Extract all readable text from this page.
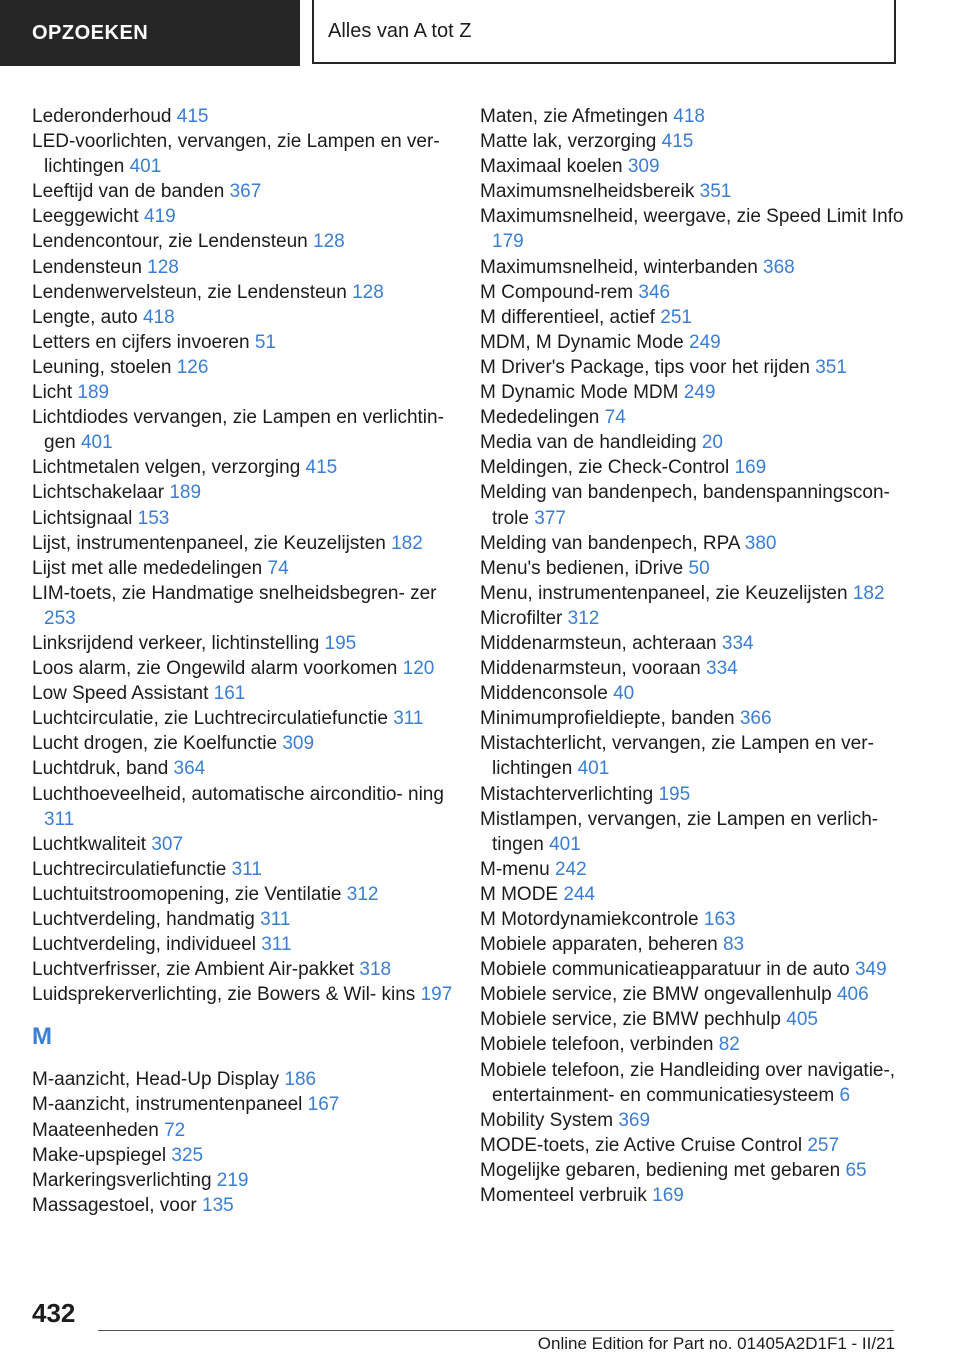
OPZOEKEN	Alles van A tot Z
Lederonderhoud 415
LED-voorlichten, vervangen, zie Lampen en ver‐ lichtingen 401
Leeftijd van de banden 367
Leeggewicht 419
Lendencontour, zie Lendensteun 128
Lendensteun 128
Lendenwervelsteun, zie Lendensteun 128
Lengte, auto 418
Letters en cijfers invoeren 51
Leuning, stoelen 126
Licht 189
Lichtdiodes vervangen, zie Lampen en verlichtin‐ gen 401
Lichtmetalen velgen, verzorging 415
Lichtschakelaar 189
Lichtsignaal 153
Lijst, instrumentenpaneel, zie Keuzelijsten 182
Lijst met alle mededelingen 74
LIM-toets, zie Handmatige snelheidsbegren‐ zer 253
Linksrijdend verkeer, lichtinstelling 195
Loos alarm, zie Ongewild alarm voorkomen 120
Low Speed Assistant 161
Luchtcirculatie, zie Luchtrecirculatiefunctie 311
Lucht drogen, zie Koelfunctie 309
Luchtdruk, band 364
Luchthoeveelheid, automatische airconditio‐ ning 311
Luchtkwaliteit 307
Luchtrecirculatiefunctie 311
Luchtuitstroomopening, zie Ventilatie 312
Luchtverdeling, handmatig 311
Luchtverdeling, individueel 311
Luchtverfrisser, zie Ambient Air-pakket 318
Luidsprekerverlichting, zie Bowers & Wil‐ kins 197
M
M-aanzicht, Head-Up Display 186
M-aanzicht, instrumentenpaneel 167
Maateenheden 72
Make-upspiegel 325
Markeringsverlichting 219
Massagestoel, voor 135
Maten, zie Afmetingen 418
Matte lak, verzorging 415
Maximaal koelen 309
Maximumsnelheidsbereik 351
Maximumsnelheid, weergave, zie Speed Limit Info 179
Maximumsnelheid, winterbanden 368
M Compound-rem 346
M differentieel, actief 251
MDM, M Dynamic Mode 249
M Driver's Package, tips voor het rijden 351
M Dynamic Mode MDM 249
Mededelingen 74
Media van de handleiding 20
Meldingen, zie Check-Control 169
Melding van bandenpech, bandenspanningscon‐ trole 377
Melding van bandenpech, RPA 380
Menu's bedienen, iDrive 50
Menu, instrumentenpaneel, zie Keuzelijsten 182
Microfilter 312
Middenarmsteun, achteraan 334
Middenarmsteun, vooraan 334
Middenconsole 40
Minimumprofieldiepte, banden 366
Mistachterlicht, vervangen, zie Lampen en ver‐ lichtingen 401
Mistachterverlichting 195
Mistlampen, vervangen, zie Lampen en verlich‐ tingen 401
M-menu 242
M MODE 244
M Motordynamiekcontrole 163
Mobiele apparaten, beheren 83
Mobiele communicatieapparatuur in de auto 349
Mobiele service, zie BMW ongevallenhulp 406
Mobiele service, zie BMW pechhulp 405
Mobiele telefoon, verbinden 82
Mobiele telefoon, zie Handleiding over navigatie-, entertainment- en communicatiesysteem 6
Mobility System 369
MODE-toets, zie Active Cruise Control 257
Mogelijke gebaren, bediening met gebaren 65
Momenteel verbruik 169
432
Online Edition for Part no. 01405A2D1F1 - II/21
